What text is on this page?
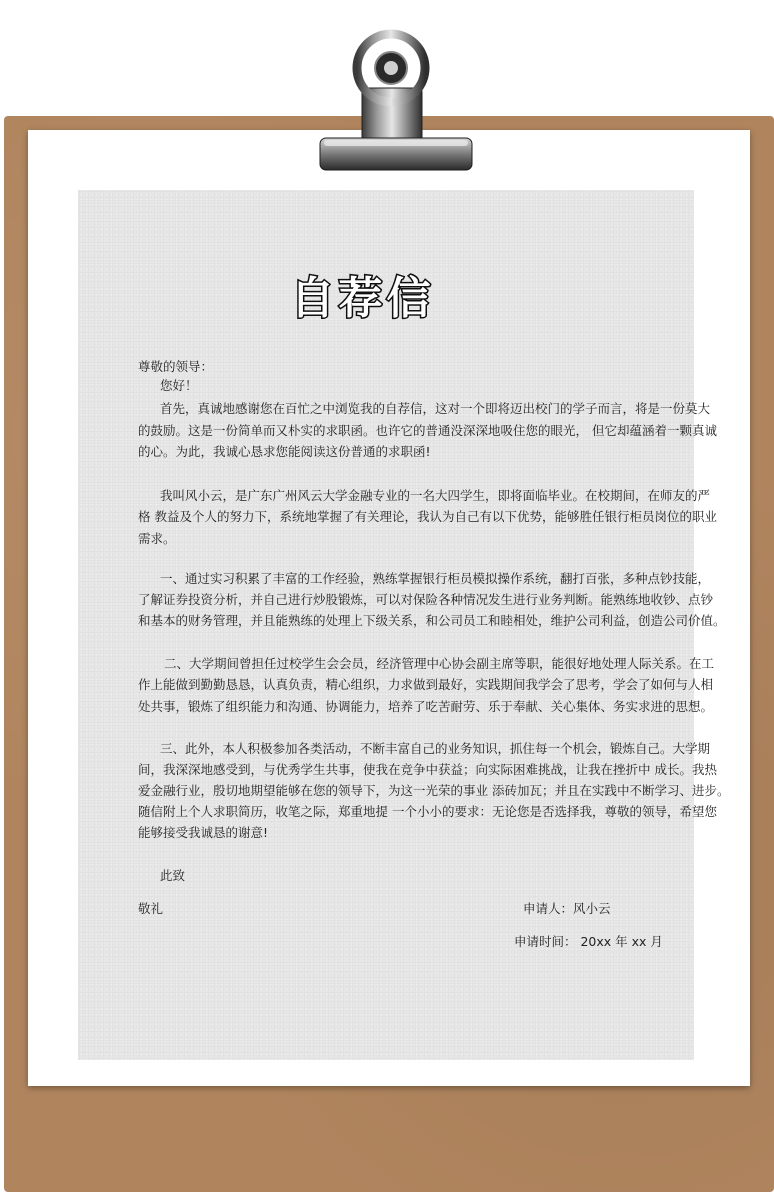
自荐信
尊敬的领导：
您好！
首先，真诚地感谢您在百忙之中浏览我的自荐信，这对一个即将迈出校门的学子而言，将是一份莫大
的鼓励。这是一份简单而又朴实的求职函。也许它的普通没深深地吸住您的眼光， 但它却蕴涵着一颗真诚
的心。为此，我诚心恳求您能阅读这份普通的求职函!
我叫风小云，是广东广州风云大学金融专业的一名大四学生，即将面临毕业。在校期间，在师友的严
格 教益及个人的努力下，系统地掌握了有关理论，我认为自己有以下优势，能够胜任银行柜员岗位的职业
需求。
一、通过实习积累了丰富的工作经验，熟练掌握银行柜员模拟操作系统，翻打百张，多种点钞技能，
了解证券投资分析，并自己进行炒股锻炼，可以对保险各种情况发生进行业务判断。能熟练地收钞、点钞
和基本的财务管理，并且能熟练的处理上下级关系，和公司员工和睦相处，维护公司利益，创造公司价值。
二、大学期间曾担任过校学生会会员，经济管理中心协会副主席等职，能很好地处理人际关系。在工
作上能做到勤勤恳恳，认真负责，精心组织，力求做到最好，实践期间我学会了思考，学会了如何与人相
处共事，锻炼了组织能力和沟通、协调能力，培养了吃苦耐劳、乐于奉献、关心集体、务实求进的思想。
三、此外，本人积极参加各类活动，不断丰富自己的业务知识，抓住每一个机会，锻炼自己。大学期
间，我深深地感受到，与优秀学生共事，使我在竞争中获益；向实际困难挑战，让我在挫折中 成长。我热
爱金融行业，殷切地期望能够在您的领导下，为这一光荣的事业 添砖加瓦；并且在实践中不断学习、进步。
随信附上个人求职简历，收笔之际，郑重地提 一个小小的要求：无论您是否选择我，尊敬的领导，希望您
能够接受我诚恳的谢意!
此致
敬礼	申请人：风小云
申请时间： 20xx 年 xx 月
